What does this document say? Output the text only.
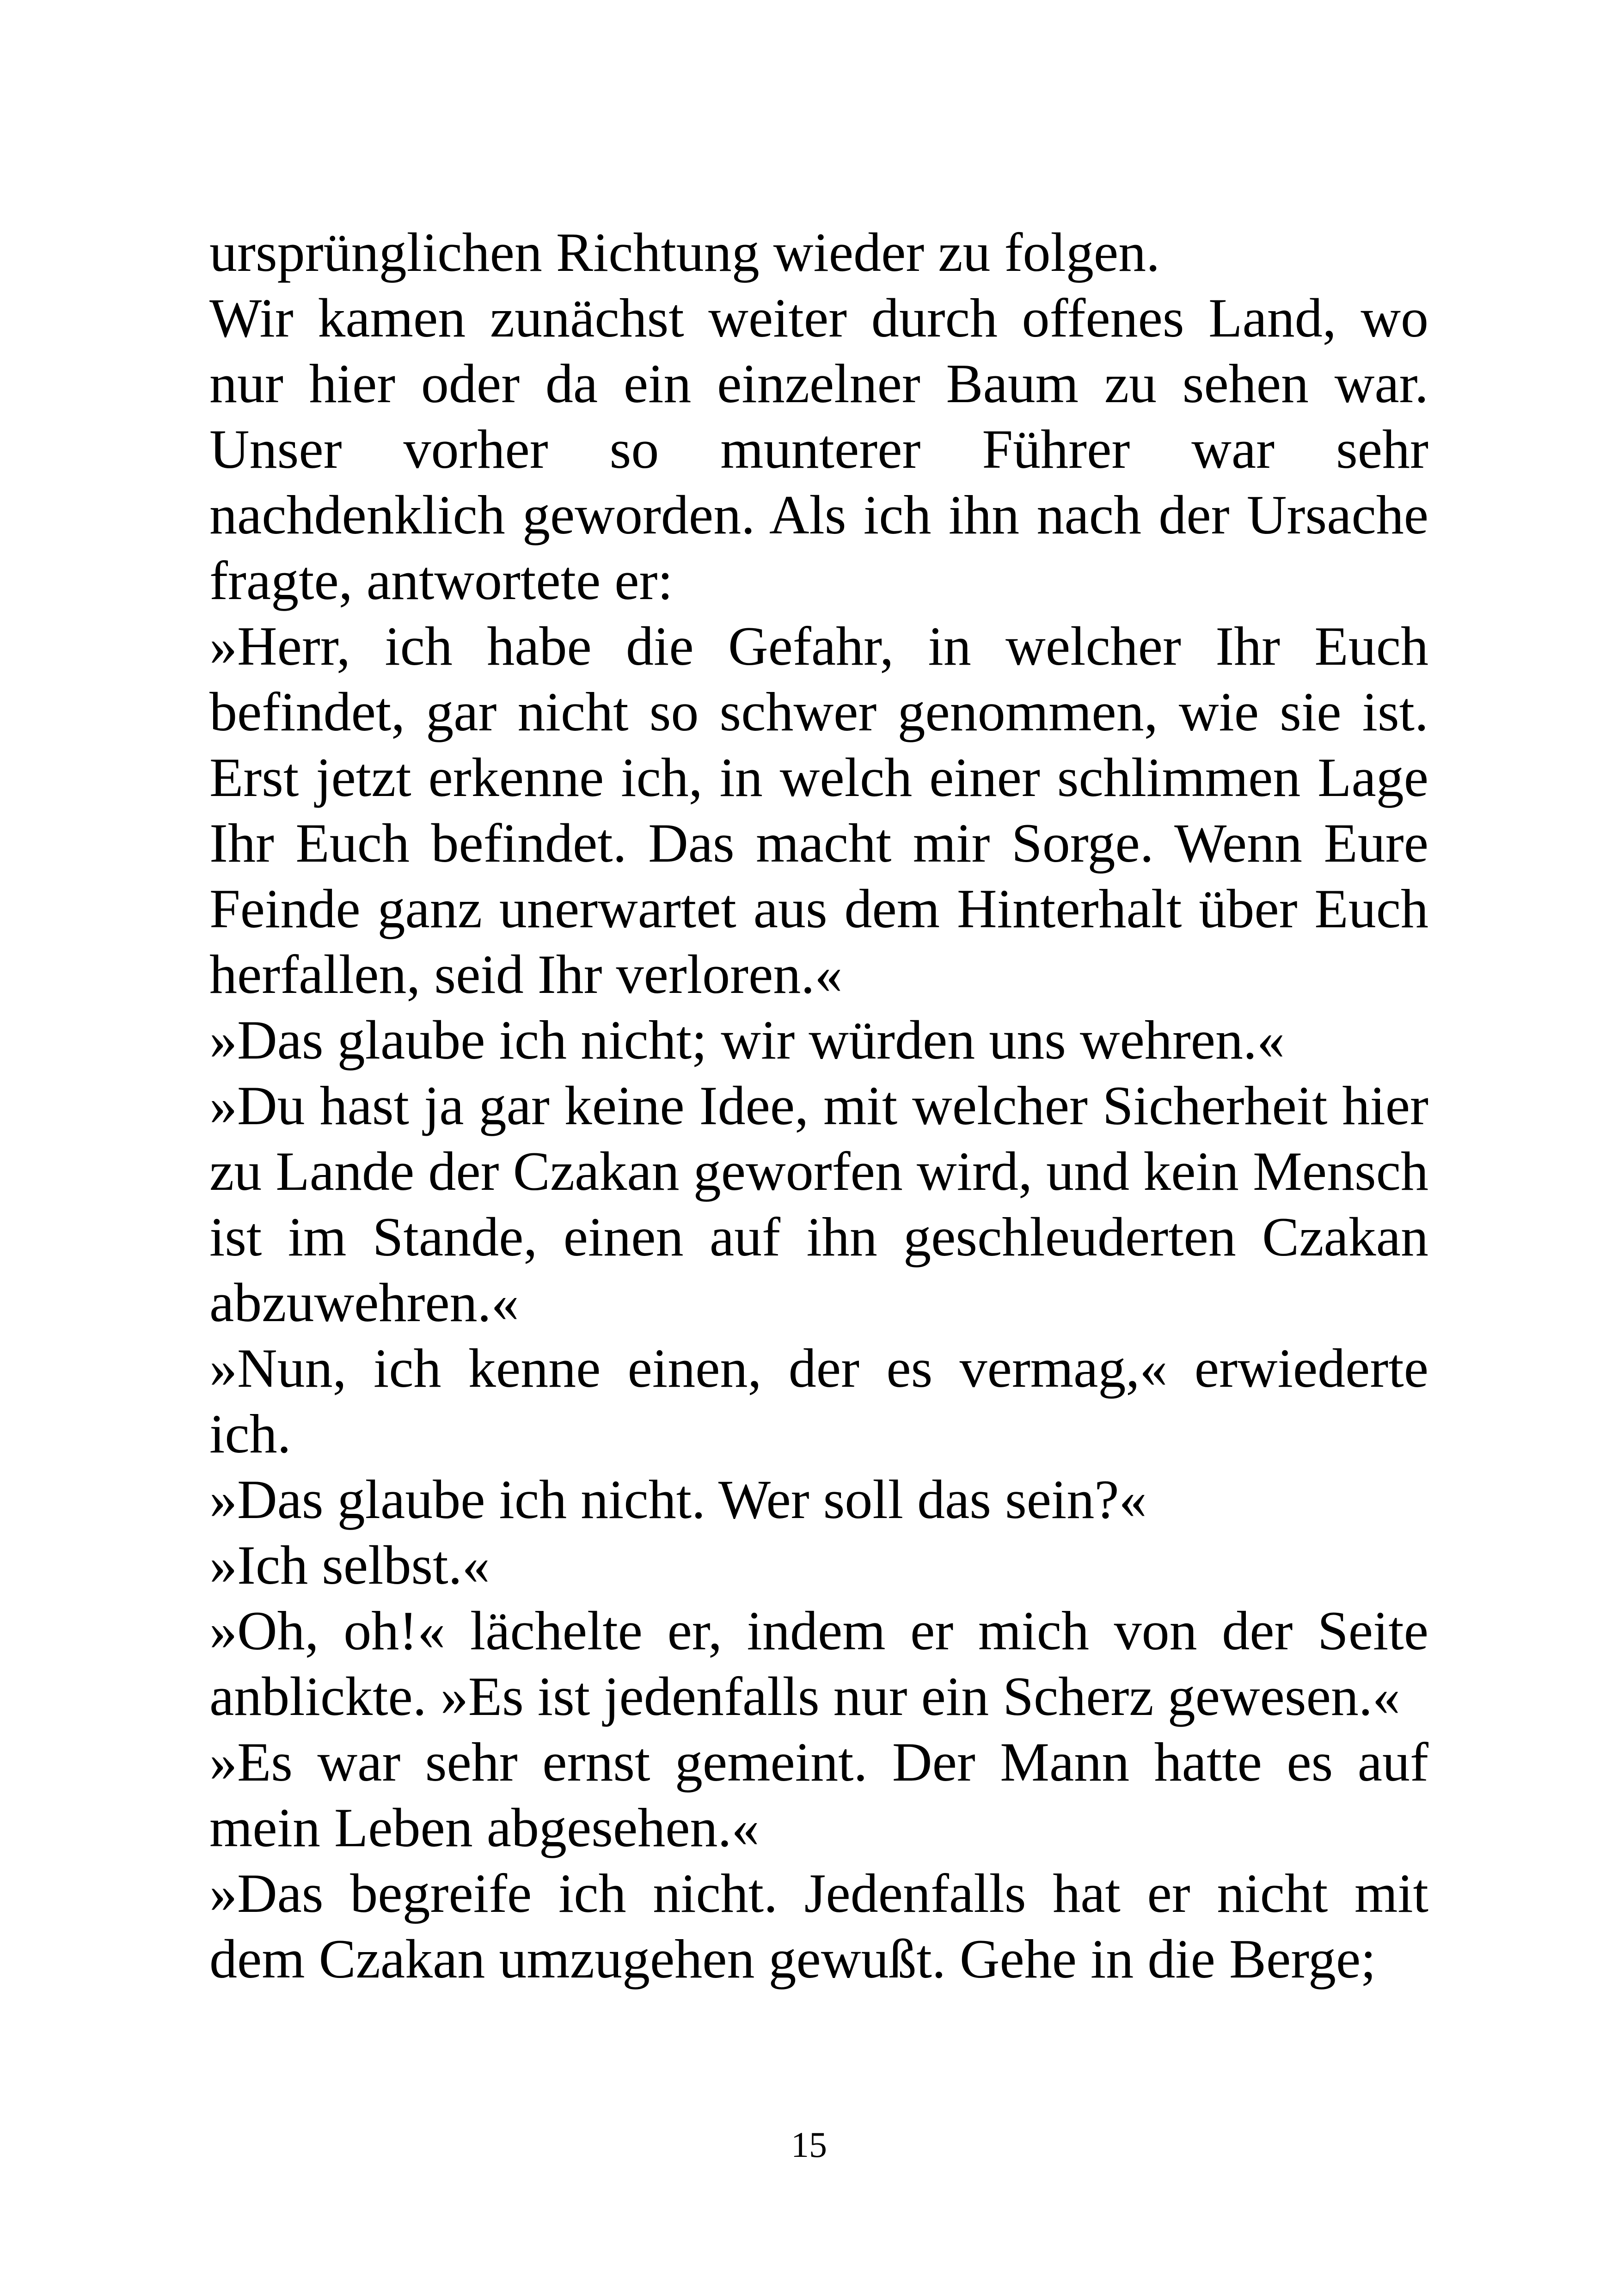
ursprünglichen Richtung wieder zu folgen.

Wir kamen zunächst weiter durch offenes Land, wo nur hier oder da ein einzelner Baum zu sehen war. Unser vorher so munterer Führer war sehr nachdenklich geworden. Als ich ihn nach der Ursache fragte, antwortete er:

»Herr, ich habe die Gefahr, in welcher Ihr Euch befindet, gar nicht so schwer genommen, wie sie ist. Erst jetzt erkenne ich, in welch einer schlimmen Lage Ihr Euch befindet. Das macht mir Sorge. Wenn Eure Feinde ganz unerwartet aus dem Hinterhalt über Euch herfallen, seid Ihr verloren.«

»Das glaube ich nicht; wir würden uns wehren.«

»Du hast ja gar keine Idee, mit welcher Sicherheit hier zu Lande der Czakan geworfen wird, und kein Mensch ist im Stande, einen auf ihn geschleuderten Czakan abzuwehren.«

»Nun, ich kenne einen, der es vermag,« erwiederte ich.

»Das glaube ich nicht. Wer soll das sein?«

»Ich selbst.«

»Oh, oh!« lächelte er, indem er mich von der Seite anblickte. »Es ist jedenfalls nur ein Scherz gewesen.«

»Es war sehr ernst gemeint. Der Mann hatte es auf mein Leben abgesehen.«

»Das begreife ich nicht. Jedenfalls hat er nicht mit dem Czakan umzugehen gewußt. Gehe in die Berge;

15
